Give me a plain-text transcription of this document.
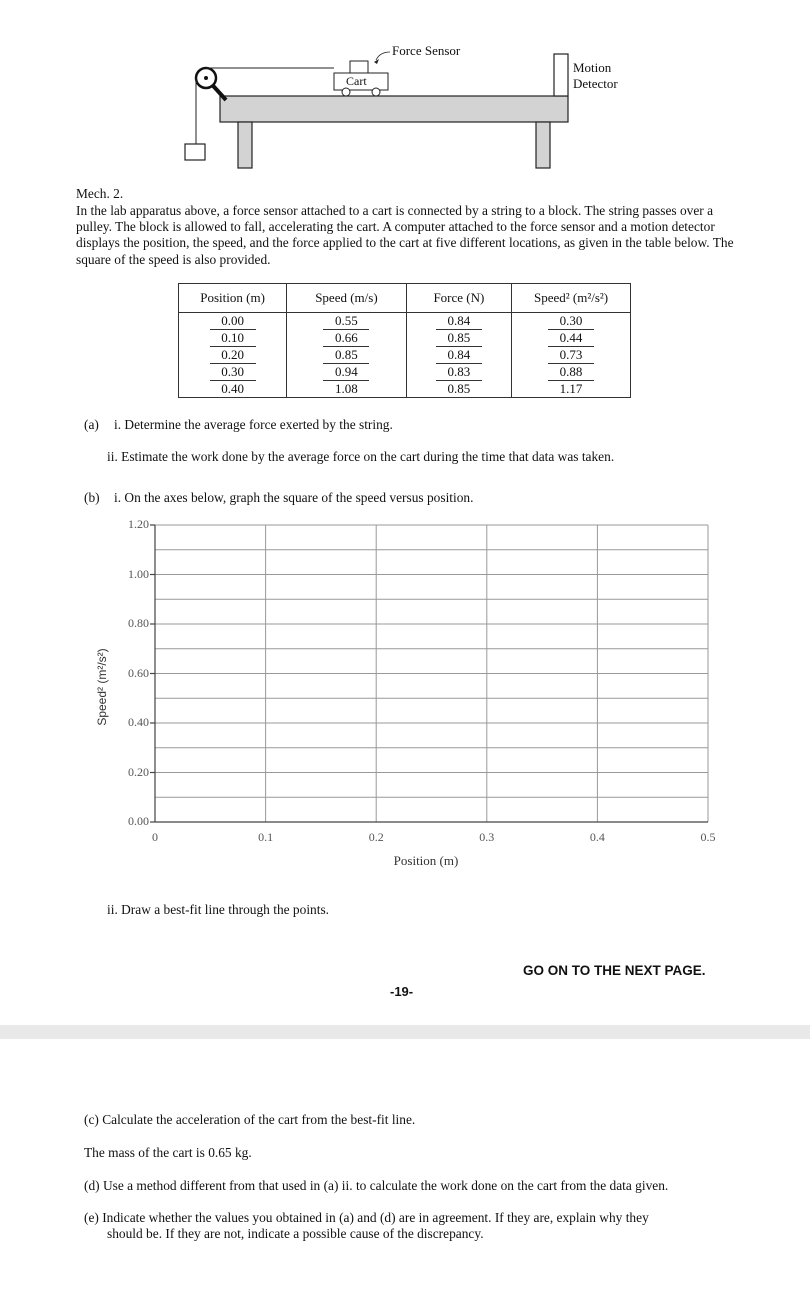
Force Sensor
Cart
Motion
Detector
Mech. 2.
In the lab apparatus above, a force sensor attached to a cart is connected by a string to a block. The string passes over a pulley. The block is allowed to fall, accelerating the cart. A computer attached to the force sensor and a motion detector displays the position, the speed, and the force applied to the cart at five different locations, as given in the table below. The square of the speed is also provided.
Position (m)	Speed (m/s)	Force (N)	Speed² (m²/s²)
0.00	0.55	0.84	0.30
0.10	0.66	0.85	0.44
0.20	0.85	0.84	0.73
0.30	0.94	0.83	0.88
0.40	1.08	0.85	1.17
(a) i. Determine the average force exerted by the string.
ii. Estimate the work done by the average force on the cart during the time that data was taken.
(b) i. On the axes below, graph the square of the speed versus position.
1.20
1.00
0.80
0.60
0.40
0.20
0.00
0	0.1	0.2	0.3	0.4	0.5
Speed² (m²/s²)
Position (m)
ii. Draw a best-fit line through the points.
GO ON TO THE NEXT PAGE.
-19-
(c) Calculate the acceleration of the cart from the best-fit line.
The mass of the cart is 0.65 kg.
(d) Use a method different from that used in (a) ii. to calculate the work done on the cart from the data given.
(e) Indicate whether the values you obtained in (a) and (d) are in agreement. If they are, explain why they
should be. If they are not, indicate a possible cause of the discrepancy.
